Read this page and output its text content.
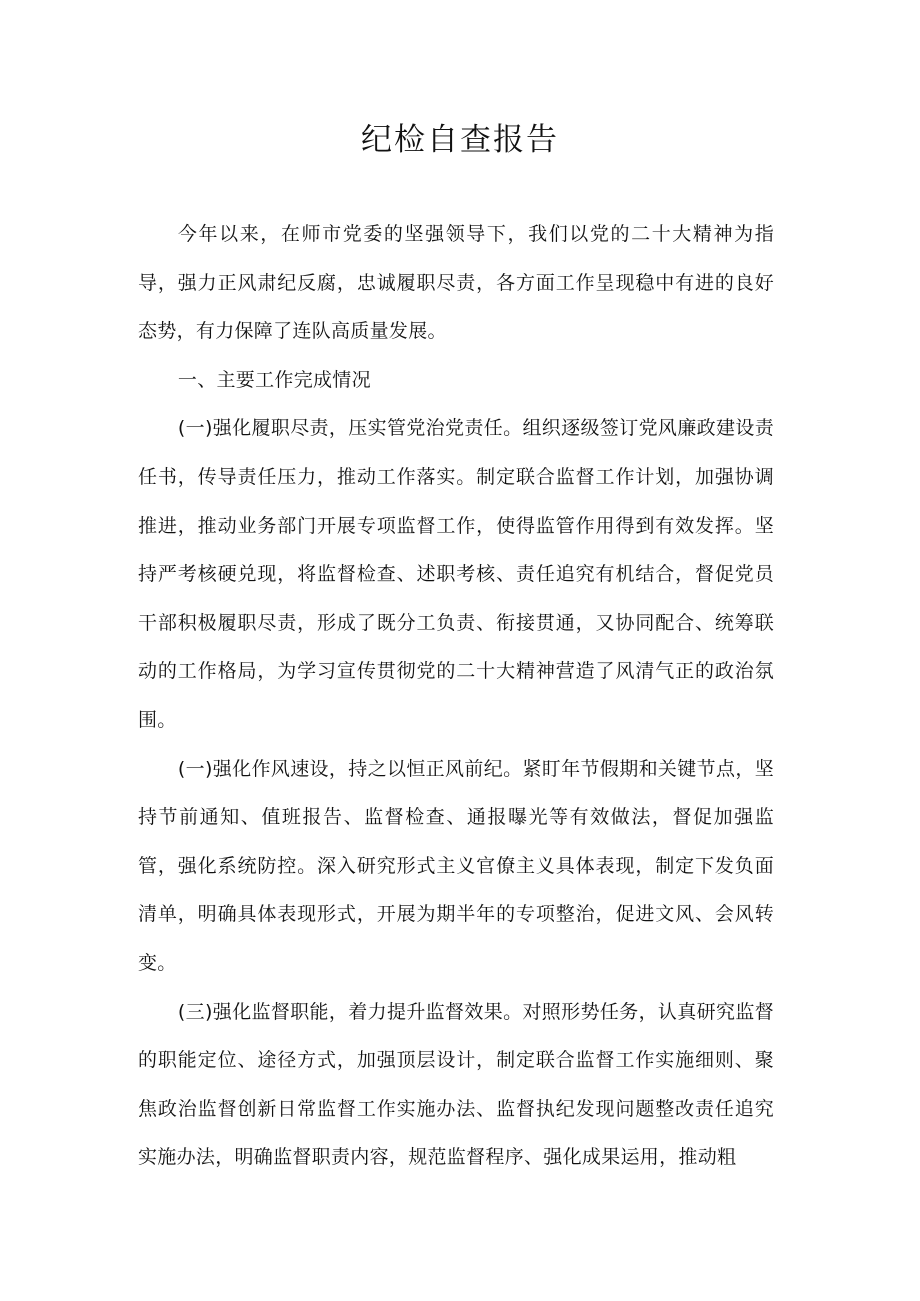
纪检自查报告

今年以来，在师市党委的坚强领导下，我们以党的二十大精神为指导，强力正风肃纪反腐，忠诚履职尽责，各方面工作呈现稳中有进的良好态势，有力保障了连队高质量发展。

一、主要工作完成情况

(一)强化履职尽责，压实管党治党责任。组织逐级签订党风廉政建设责任书，传导责任压力，推动工作落实。制定联合监督工作计划，加强协调推进，推动业务部门开展专项监督工作，使得监管作用得到有效发挥。坚持严考核硬兑现，将监督检查、述职考核、责任追究有机结合，督促党员干部积极履职尽责，形成了既分工负责、衔接贯通，又协同配合、统筹联动的工作格局，为学习宣传贯彻党的二十大精神营造了风清气正的政治氛围。

(一)强化作风速设，持之以恒正风前纪。紧盯年节假期和关键节点，坚持节前通知、值班报告、监督检查、通报曝光等有效做法，督促加强监管，强化系统防控。深入研究形式主义官僚主义具体表现，制定下发负面清单，明确具体表现形式，开展为期半年的专项整治，促进文风、会风转变。

(三)强化监督职能，着力提升监督效果。对照形势任务，认真研究监督的职能定位、途径方式，加强顶层设计，制定联合监督工作实施细则、聚焦政治监督创新日常监督工作实施办法、监督执纪发现问题整改责任追究实施办法，明确监督职责内容，规范监督程序、强化成果运用，推动粗
